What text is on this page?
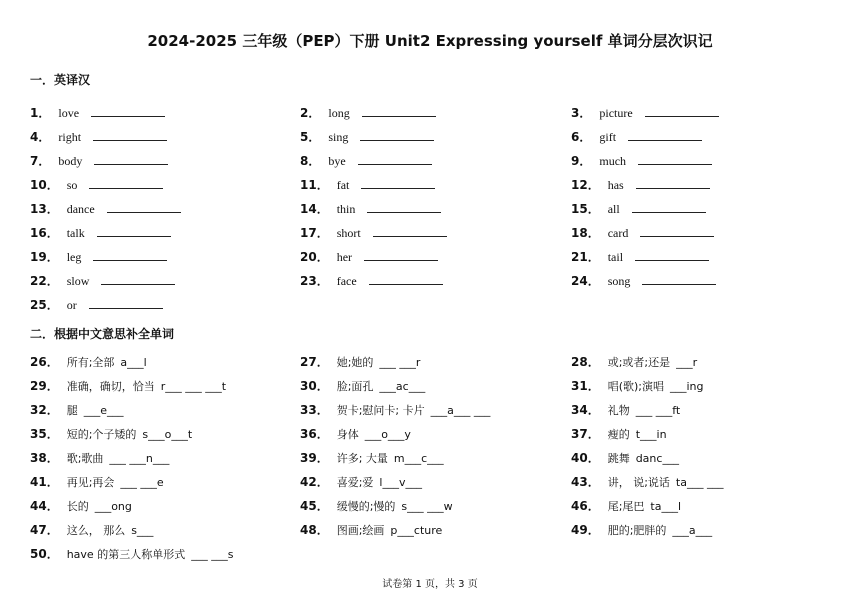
2024-2025 三年级（PEP）下册 Unit2 Expressing yourself 单词分层次识记
一．英译汉
1． love	2． long	3． picture
4． right	5． sing	6． gift
7． body	8． bye	9． much
10． so	11． fat	12． has
13． dance	14． thin	15． all
16． talk	17． short	18． card
19． leg	20． her	21． tail
22． slow	23． face	24． song
25． or
二．根据中文意思补全单词
26． 所有;全部 a___l	27． 她;她的 ___ ___r	28． 或;或者;还是 ___r
29． 准确，确切，恰当 r___ ___ ___t	30． 脸;面孔 ___ac___	31． 唱(歌);演唱 ___ing
32． 腿 ___e___	33． 贺卡;慰问卡; 卡片 ___a___ ___	34． 礼物 ___ ___ft
35． 短的;个子矮的 s___o___t	36． 身体 ___o___y	37． 瘦的 t___in
38． 歌;歌曲 ___ ___n___	39． 许多; 大量 m___c___	40． 跳舞 danc___
41． 再见;再会 ___ ___e	42． 喜爱;爱 l___v___	43． 讲， 说;说话 ta___ ___
44． 长的 ___ong	45． 缓慢的;慢的 s___ ___w	46． 尾;尾巴 ta___l
47． 这么， 那么 s___	48． 图画;绘画 p___cture	49． 肥的;肥胖的 ___a___
50． have 的第三人称单形式 ___ ___s
试卷第 1 页，共 3 页
